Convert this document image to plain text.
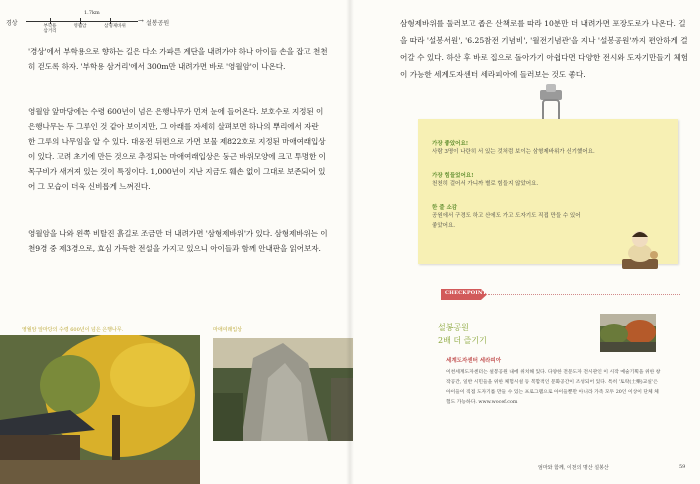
경상
1.7km
부학용
삼거리
영월암	삼형제바위
→ 설봉공원

'경상'에서 부학용으로 향하는 길은 다소 가파른 계단을 내려가야 하나 아이들 손을 잡고 천천히 걷도록 하자. '부학용 삼거리'에서 300m만 내려가면 바로 '영월암'이 나온다.

영월암 앞마당에는 수령 600년이 넘은 은행나무가 먼저 눈에 들어온다. 보호수로 지정된 이 은행나무는 두 그루인 것 같아 보이지만, 그 아래를 자세히 살펴보면 하나의 뿌리에서 자란 한 그루의 나무임을 알 수 있다. 대웅전 뒤편으로 가면 보물 제822호로 지정된 마애여래입상이 있다. 고려 초기에 만든 것으로 추정되는 마애여래입상은 둥근 바위모양에 크고 투명한 이목구비가 새겨져 있는 것이 특징이다. 1,000년이 지난 지금도 훼손 없이 그대로 보존되어 있어 그 모습이 더욱 신비롭게 느껴진다.

영월암을 나와 왼쪽 비탈진 흙길로 조금만 더 내려가면 '삼형제바위'가 있다. 삼형제바위는 이천9경 중 제3경으로, 효심 가득한 전설을 가지고 있으니 아이들과 함께 안내판을 읽어보자.

영월암 앞마당의 수령 600년이 넘은 은행나무.	마애여래입상

삼형제바위를 둘러보고 좁은 산책로를 따라 10분만 더 내려가면 포장도로가 나온다. 길을 따라 '설봉서원', '6.25참전 기념비', '월전기념관'을 지나 '설봉공원'까지 편안하게 걸어갈 수 있다. 하산 후 바로 집으로 돌아가기 아쉽다면 다양한 전시와 도자기만들기 체험이 가능한 세계도자센터 세라피아에 들러보는 것도 좋다.

가장 좋았어요!
사람 3명이 나란히 서 있는 것처럼 보이는 삼형제바위가 신기했어요.
가장 힘들었어요!
천천히 걸어서 가니까 별로 힘들지 않았어요.
한 줄 소감
공원에서 구경도 하고 산에도 가고 도자기도 직접 만들 수 있어 좋았어요.
CHECKPOINT
설봉공원
2배 더 즐기기
세계도자센터 세라피아

이천세계도자센터는 설봉공원 내에 위치해 있다. 다양한 전문도자 전시관인 이 시작 예술기획을 위한 창작공간, 일반 시민들을 위한 체험시설 등 복합적인 문화공간이 조성되어 있다. 특히 '토락(土樂)교실'은 아이들이 직접 도자기를 만들 수 있는 프로그램으로 아이들뿐만 아니라 가족 모두 20인 이상이 단체 체험도 가능하다. www.wocef.com

엄마와 함께, 이천의 명산 설봉산	59
